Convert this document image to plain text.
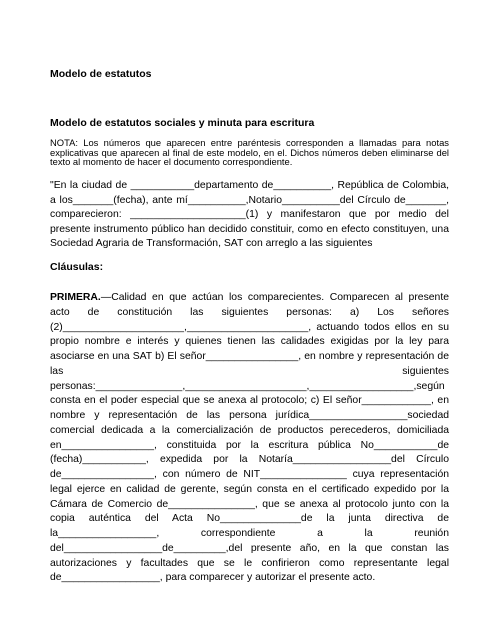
Modelo de estatutos

Modelo de estatutos sociales y minuta para escritura

NOTA: Los números que aparecen entre paréntesis corresponden a llamadas para notas explicativas que aparecen al final de este modelo, en el. Dichos números deben eliminarse del texto al momento de hacer el documento correspondiente.

"En la ciudad de ___________departamento de__________, República de Colombia, a los_______(fecha), ante mí__________,Notario__________del Círculo de_______, comparecieron: ____________________(1) y manifestaron que por medio del presente instrumento público han decidido constituir, como en efecto constituyen, una Sociedad Agraria de Transformación, SAT con arreglo a las siguientes

Cláusulas:

PRIMERA.—Calidad en que actúan los comparecientes. Comparecen al presente acto de constitución las siguientes personas: a) Los señores (2)_____________________,_____________________, actuando todos ellos en su propio nombre e interés y quienes tienen las calidades exigidas por la ley para asociarse en una SAT b) El señor________________, en nombre y representación de las siguientes personas:_______________,_____________________,__________________,según consta en el poder especial que se anexa al protocolo; c) El señor____________, en nombre y representación de las persona jurídica_________________sociedad comercial dedicada a la comercialización de productos perecederos, domiciliada en________________, constituida por la escritura pública No___________de (fecha)___________, expedida por la Notaría_________________del Círculo de________________, con número de NIT_______________ cuya representación legal ejerce en calidad de gerente, según consta en el certificado expedido por la Cámara de Comercio de_______________, que se anexa al protocolo junto con la copia auténtica del Acta No______________de la junta directiva de la_________________, correspondiente a la reunión del_________________de_________,del presente año, en la que constan las autorizaciones y facultades que se le confirieron como representante legal de_________________, para comparecer y autorizar el presente acto.
